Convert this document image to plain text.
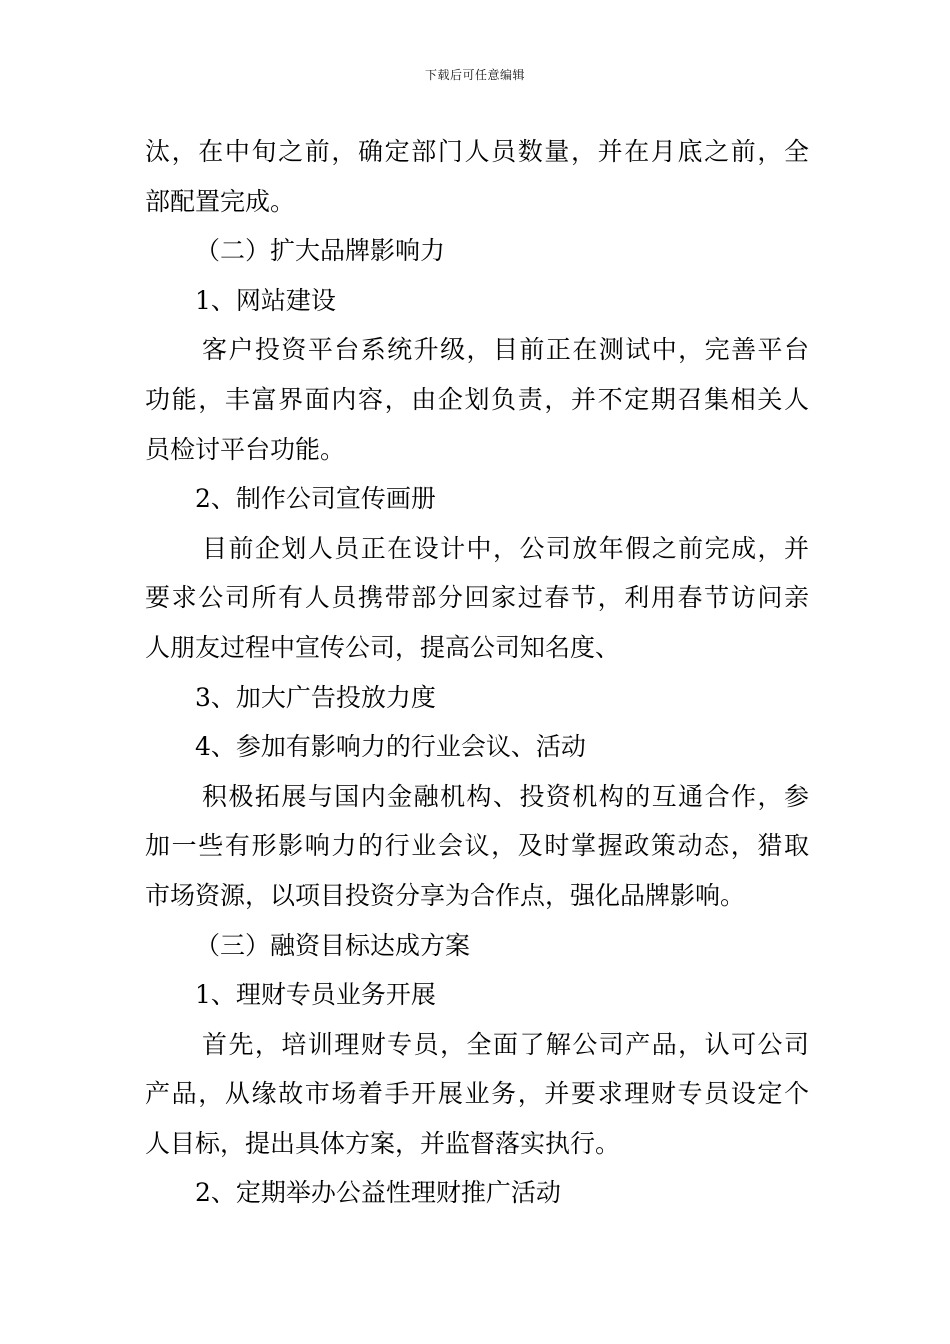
下载后可任意编辑
汰，在中旬之前，确定部门人员数量，并在月底之前，全
部配置完成。
（二）扩大品牌影响力
1、网站建设
客户投资平台系统升级，目前正在测试中，完善平台
功能，丰富界面内容，由企划负责，并不定期召集相关人
员检讨平台功能。
2、制作公司宣传画册
目前企划人员正在设计中，公司放年假之前完成，并
要求公司所有人员携带部分回家过春节，利用春节访问亲
人朋友过程中宣传公司，提高公司知名度、
3、加大广告投放力度
4、参加有影响力的行业会议、活动
积极拓展与国内金融机构、投资机构的互通合作，参
加一些有形影响力的行业会议，及时掌握政策动态，猎取
市场资源，以项目投资分享为合作点，强化品牌影响。
（三）融资目标达成方案
1、理财专员业务开展
首先，培训理财专员，全面了解公司产品，认可公司
产品，从缘故市场着手开展业务，并要求理财专员设定个
人目标，提出具体方案，并监督落实执行。
2、定期举办公益性理财推广活动
